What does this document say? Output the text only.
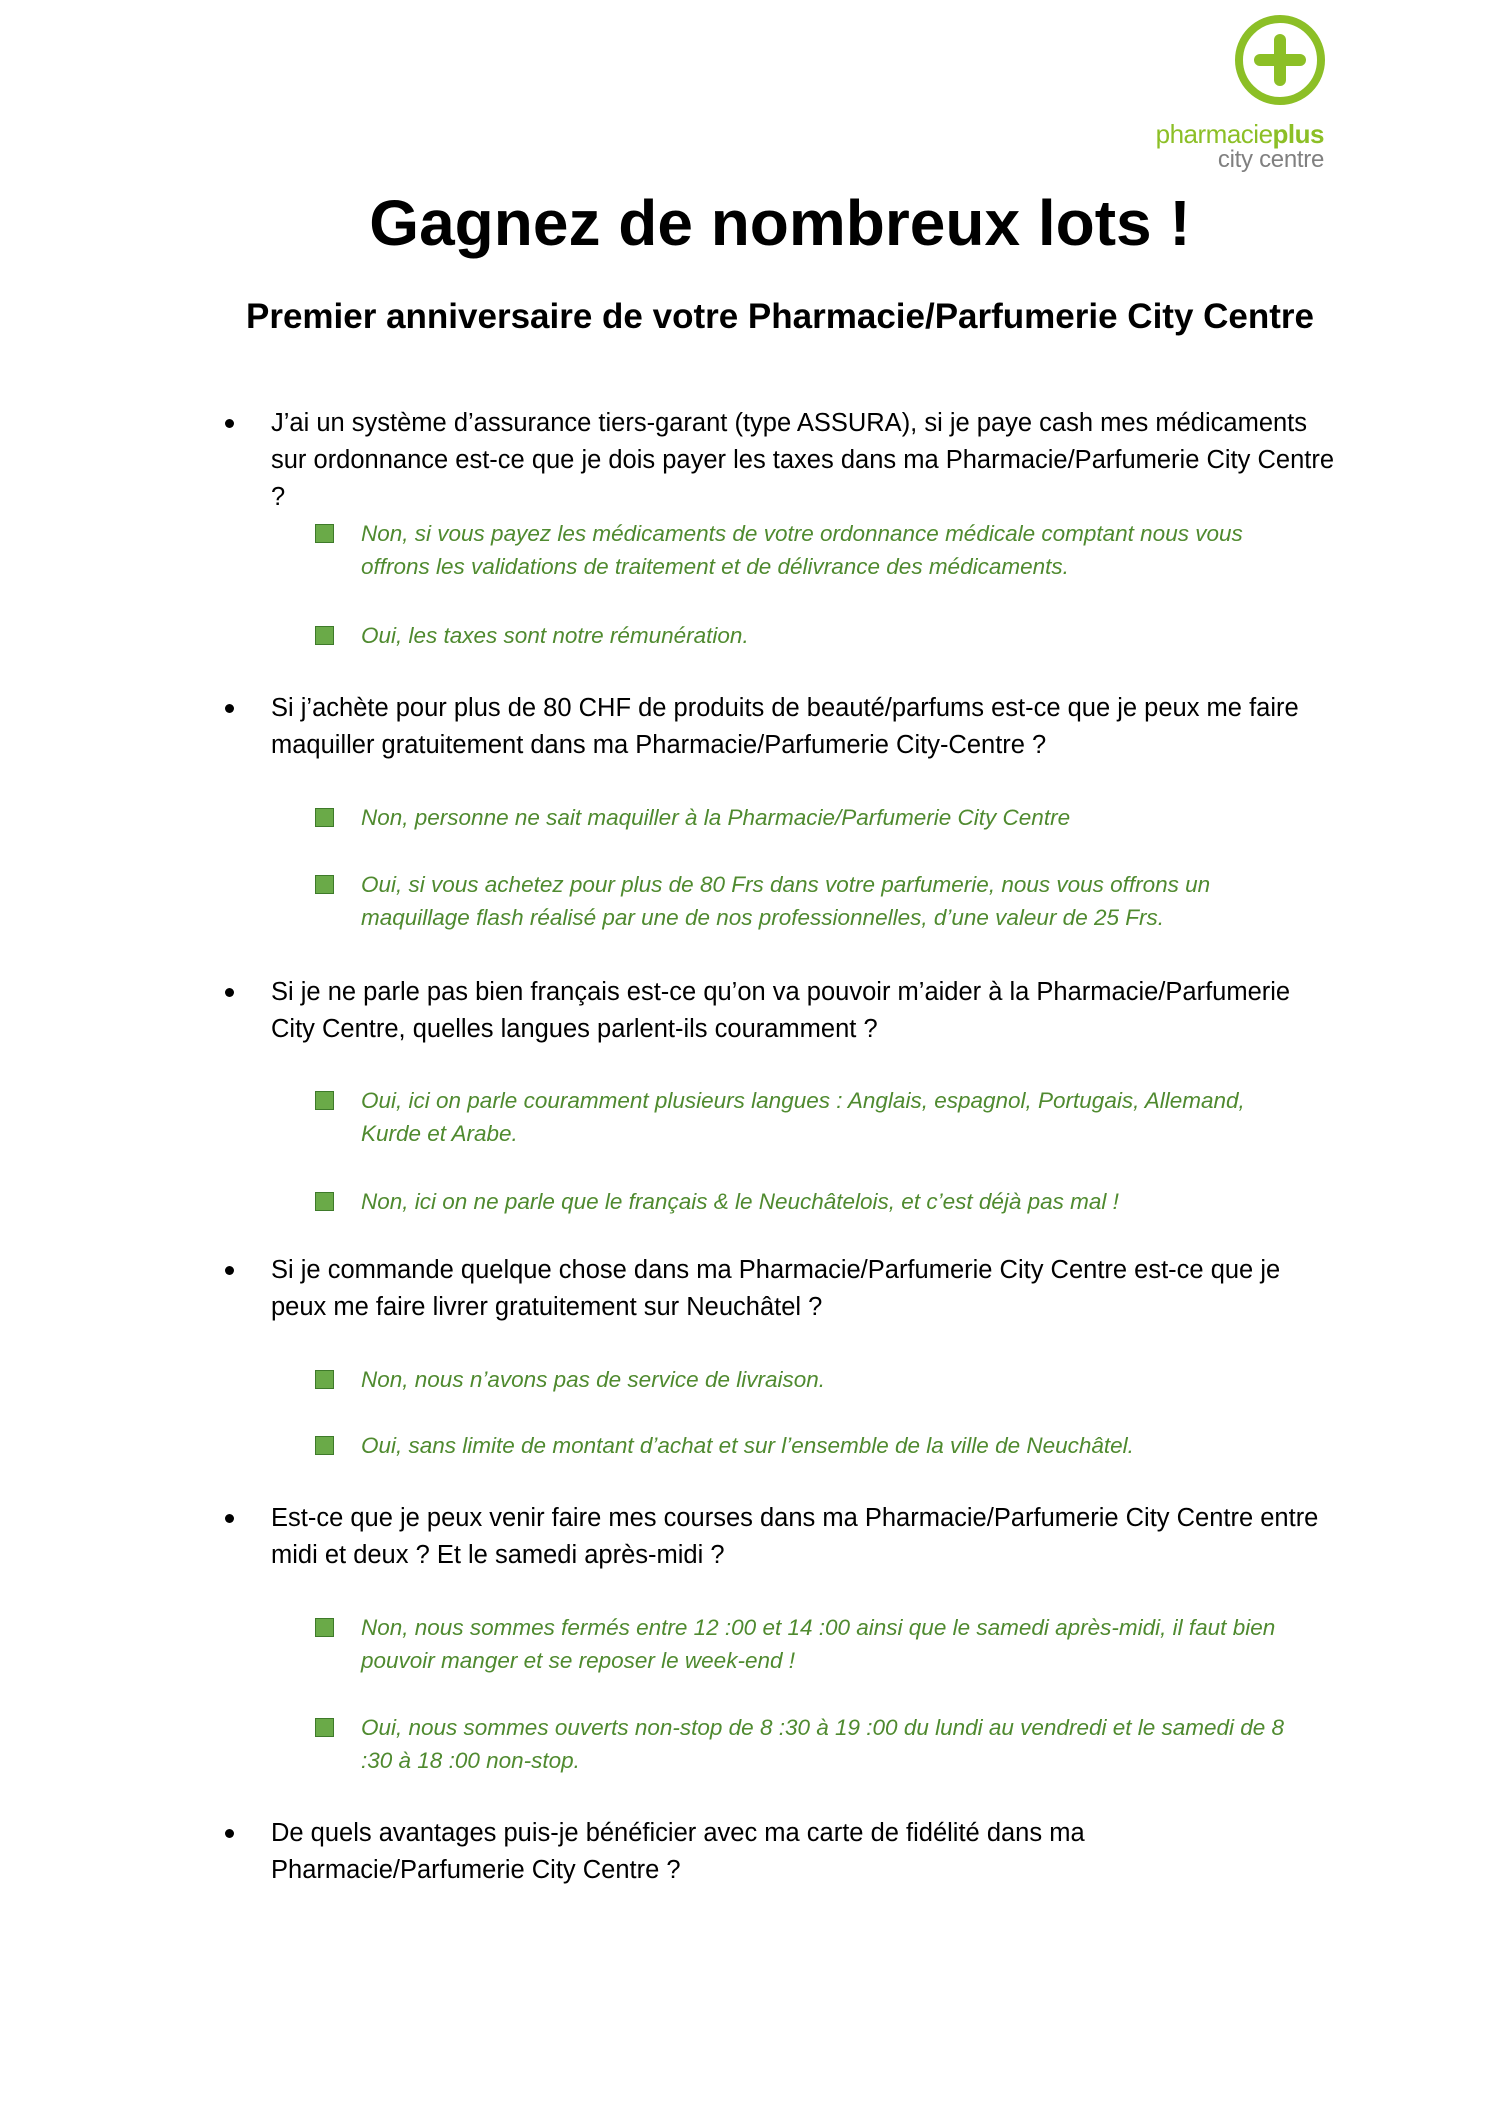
pharmacieplus
city centre
Gagnez de nombreux lots !
Premier anniversaire de votre Pharmacie/Parfumerie City Centre
J’ai un système d’assurance tiers-garant (type ASSURA), si je paye cash mes médicaments sur ordonnance est-ce que je dois payer les taxes dans ma Pharmacie/Parfumerie City Centre ?
Non, si vous payez les médicaments de votre ordonnance médicale comptant nous vous offrons les validations de traitement et de délivrance des médicaments.
Oui, les taxes sont notre rémunération.
Si j’achète pour plus de 80 CHF de produits de beauté/parfums est-ce que je peux me faire maquiller gratuitement dans ma Pharmacie/Parfumerie City-Centre ?
Non, personne ne sait maquiller à la Pharmacie/Parfumerie City Centre
Oui, si vous achetez pour plus de 80 Frs dans votre parfumerie, nous vous offrons un maquillage flash réalisé par une de nos professionnelles, d’une valeur de 25 Frs.
Si je ne parle pas bien français est-ce qu’on va pouvoir m’aider à la Pharmacie/Parfumerie City Centre, quelles langues parlent-ils couramment ?
Oui, ici on parle couramment plusieurs langues : Anglais, espagnol, Portugais, Allemand, Kurde et Arabe.
Non, ici on ne parle que le français & le Neuchâtelois, et c’est déjà pas mal !
Si je commande quelque chose dans ma Pharmacie/Parfumerie City Centre est-ce que je peux me faire livrer gratuitement sur Neuchâtel ?
Non, nous n’avons pas de service de livraison.
Oui, sans limite de montant d’achat et sur l’ensemble de la ville de Neuchâtel.
Est-ce que je peux venir faire mes courses dans ma Pharmacie/Parfumerie City Centre entre midi et deux ? Et le samedi après-midi ?
Non, nous sommes fermés entre 12 :00 et 14 :00 ainsi que le samedi après-midi, il faut bien pouvoir manger et se reposer le week-end !
Oui, nous sommes ouverts non-stop de 8 :30 à 19 :00 du lundi au vendredi et le samedi de 8 :30 à 18 :00 non-stop.
De quels avantages puis-je bénéficier avec ma carte de fidélité dans ma Pharmacie/Parfumerie City Centre ?
